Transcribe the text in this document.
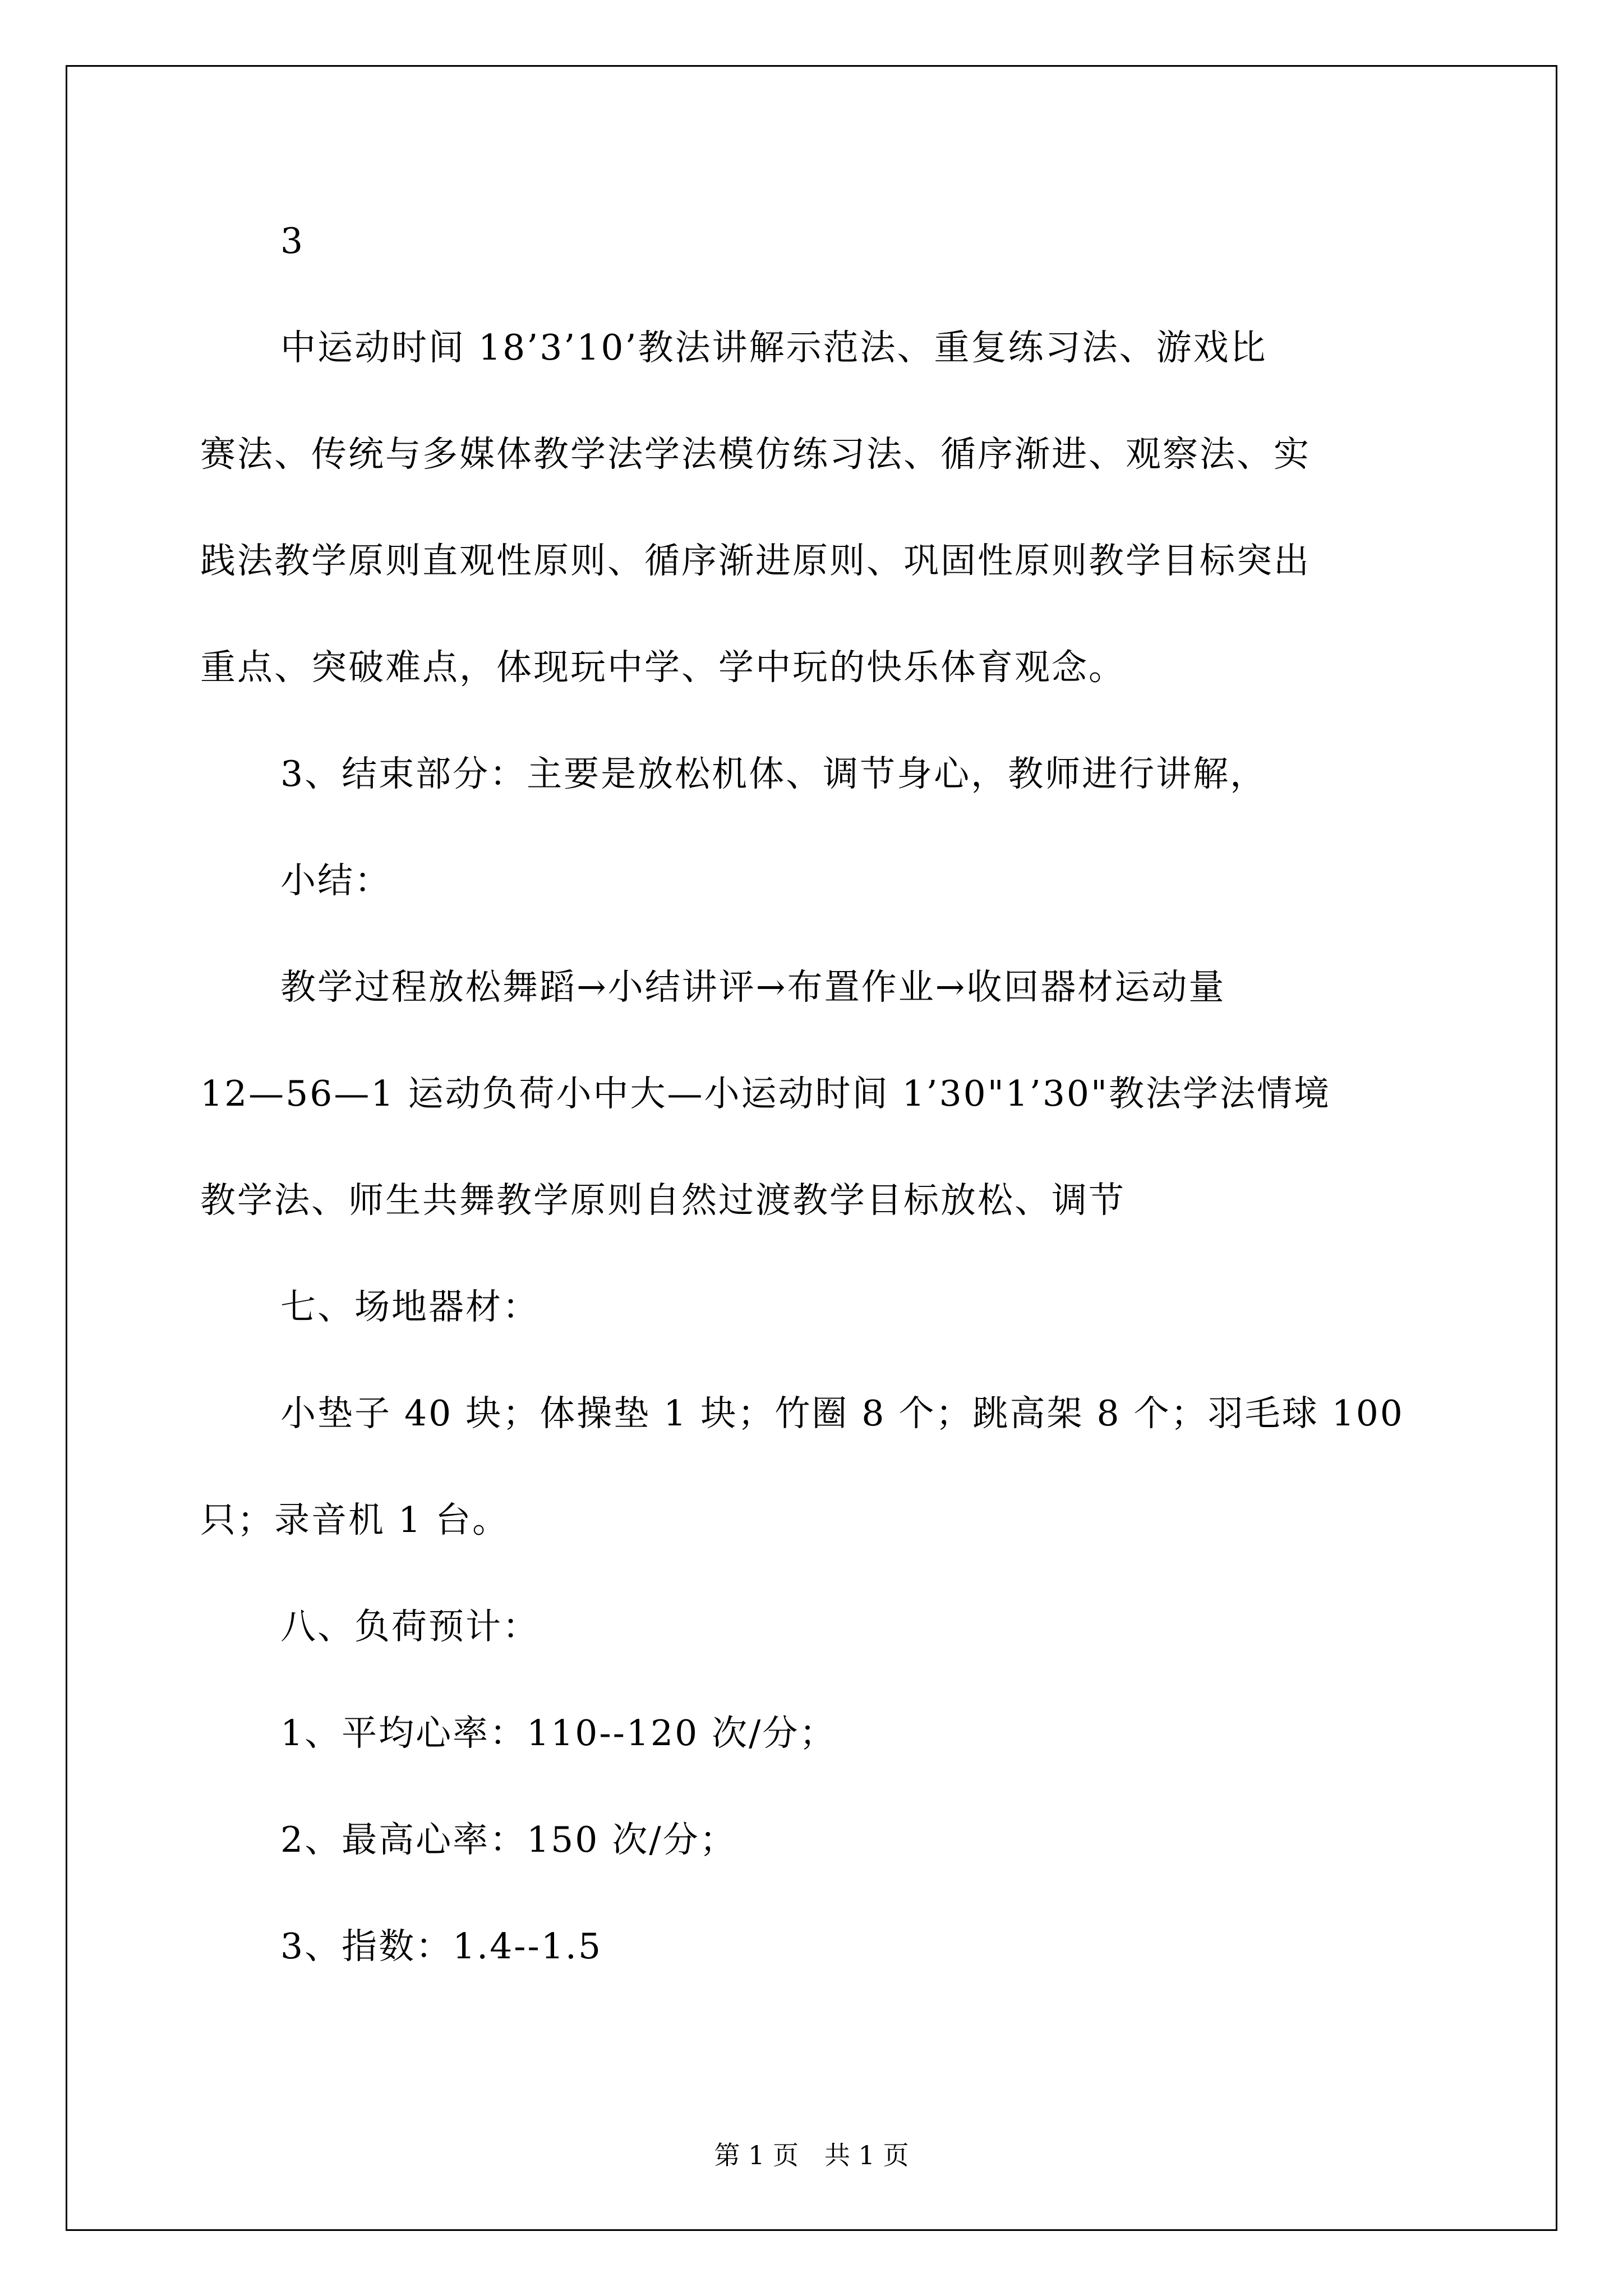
3
中运动时间 18’3’10’教法讲解示范法、重复练习法、游戏比
赛法、传统与多媒体教学法学法模仿练习法、循序渐进、观察法、实
践法教学原则直观性原则、循序渐进原则、巩固性原则教学目标突出
重点、突破难点，体现玩中学、学中玩的快乐体育观念。
3、结束部分：主要是放松机体、调节身心，教师进行讲解，
小结：
教学过程放松舞蹈→小结讲评→布置作业→收回器材运动量
12—56—1 运动负荷小中大—小运动时间 1’30"1’30"教法学法情境
教学法、师生共舞教学原则自然过渡教学目标放松、调节
七、场地器材：
小垫子 40 块；体操垫 1 块；竹圈 8 个；跳高架 8 个；羽毛球 100
只；录音机 1 台。
八、负荷预计：
1、平均心率：110--120 次/分；
2、最高心率：150 次/分；
3、指数：1.4--1.5
第 1 页　共 1 页
